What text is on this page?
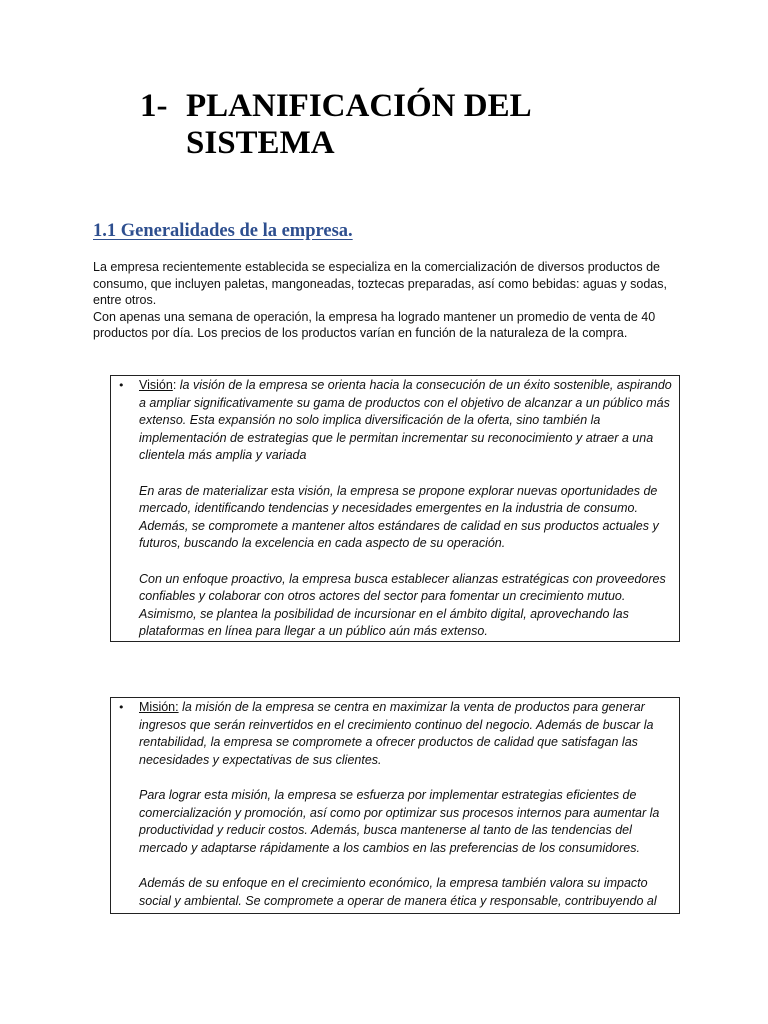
1- PLANIFICACIÓN DEL SISTEMA
1.1 Generalidades de la empresa.

La empresa recientemente establecida se especializa en la comercialización de diversos productos de consumo, que incluyen paletas, mangoneadas, toztecas preparadas, así como bebidas: aguas y sodas, entre otros.

Con apenas una semana de operación, la empresa ha logrado mantener un promedio de venta de 40 productos por día. Los precios de los productos varían en función de la naturaleza de la compra.

• Visión: la visión de la empresa se orienta hacia la consecución de un éxito sostenible, aspirando a ampliar significativamente su gama de productos con el objetivo de alcanzar a un público más extenso. Esta expansión no solo implica diversificación de la oferta, sino también la implementación de estrategias que le permitan incrementar su reconocimiento y atraer a una clientela más amplia y variada

En aras de materializar esta visión, la empresa se propone explorar nuevas oportunidades de mercado, identificando tendencias y necesidades emergentes en la industria de consumo. Además, se compromete a mantener altos estándares de calidad en sus productos actuales y futuros, buscando la excelencia en cada aspecto de su operación.

Con un enfoque proactivo, la empresa busca establecer alianzas estratégicas con proveedores confiables y colaborar con otros actores del sector para fomentar un crecimiento mutuo. Asimismo, se plantea la posibilidad de incursionar en el ámbito digital, aprovechando las plataformas en línea para llegar a un público aún más extenso.

• Misión: la misión de la empresa se centra en maximizar la venta de productos para generar ingresos que serán reinvertidos en el crecimiento continuo del negocio. Además de buscar la rentabilidad, la empresa se compromete a ofrecer productos de calidad que satisfagan las necesidades y expectativas de sus clientes.

Para lograr esta misión, la empresa se esfuerza por implementar estrategias eficientes de comercialización y promoción, así como por optimizar sus procesos internos para aumentar la productividad y reducir costos. Además, busca mantenerse al tanto de las tendencias del mercado y adaptarse rápidamente a los cambios en las preferencias de los consumidores.

Además de su enfoque en el crecimiento económico, la empresa también valora su impacto social y ambiental. Se compromete a operar de manera ética y responsable, contribuyendo al
